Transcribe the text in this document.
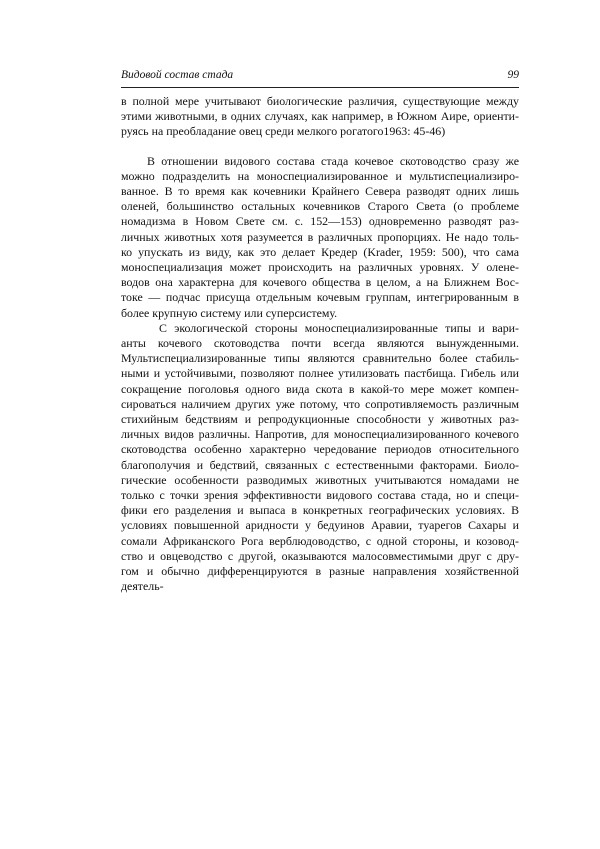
Видовой состав стада	99
в полной мере учитывают биологические различия, существующие между
этими животными, в одних случаях, как например, в Южном Аире, ориенти-
руясь на преобладание овец среди мелкого рогатого1963: 45-46)
В отношении видового состава стада кочевое скотоводство сразу же
можно подразделить на моноспециализированное и мультиспециализиро-
ванное. В то время как кочевники Крайнего Севера разводят одних лишь
оленей, большинство остальных кочевников Старого Света (о проблеме
номадизма в Новом Свете см. с. 152—153) одновременно разводят раз-
личных животных хотя разумеется в различных пропорциях. Не надо толь-
ко упускать из виду, как это делает Кредер (Krader, 1959: 500), что сама
моноспециализация может происходить на различных уровнях. У олене-
водов она характерна для кочевого общества в целом, а на Ближнем Вос-
токе — подчас присуща отдельным кочевым группам, интегрированным в
более крупную систему или суперсистему.
С экологической стороны моноспециализированные типы и вари-
анты кочевого скотоводства почти всегда являются вынужденными.
Мультиспециализированные типы являются сравнительно более стабиль-
ными и устойчивыми, позволяют полнее утилизовать пастбища. Гибель или
сокращение поголовья одного вида скота в какой-то мере может компен-
сироваться наличием других уже потому, что сопротивляемость различным
стихийным бедствиям и репродукционные способности у животных раз-
личных видов различны. Напротив, для моноспециализированного кочевого
скотоводства особенно характерно чередование периодов относительного
благополучия и бедствий, связанных с естественными факторами. Биоло-
гические особенности разводимых животных учитываются номадами не
только с точки зрения эффективности видового состава стада, но и специ-
фики его разделения и выпаса в конкретных географических условиях. В
условиях повышенной аридности у бедуинов Аравии, туарегов Сахары и
сомали Африканского Рога верблюдоводство, с одной стороны, и козовод-
ство и овцеводство с другой, оказываются малосовместимыми друг с дру-
гом и обычно дифференцируются в разные направления хозяйственной
деятель-
